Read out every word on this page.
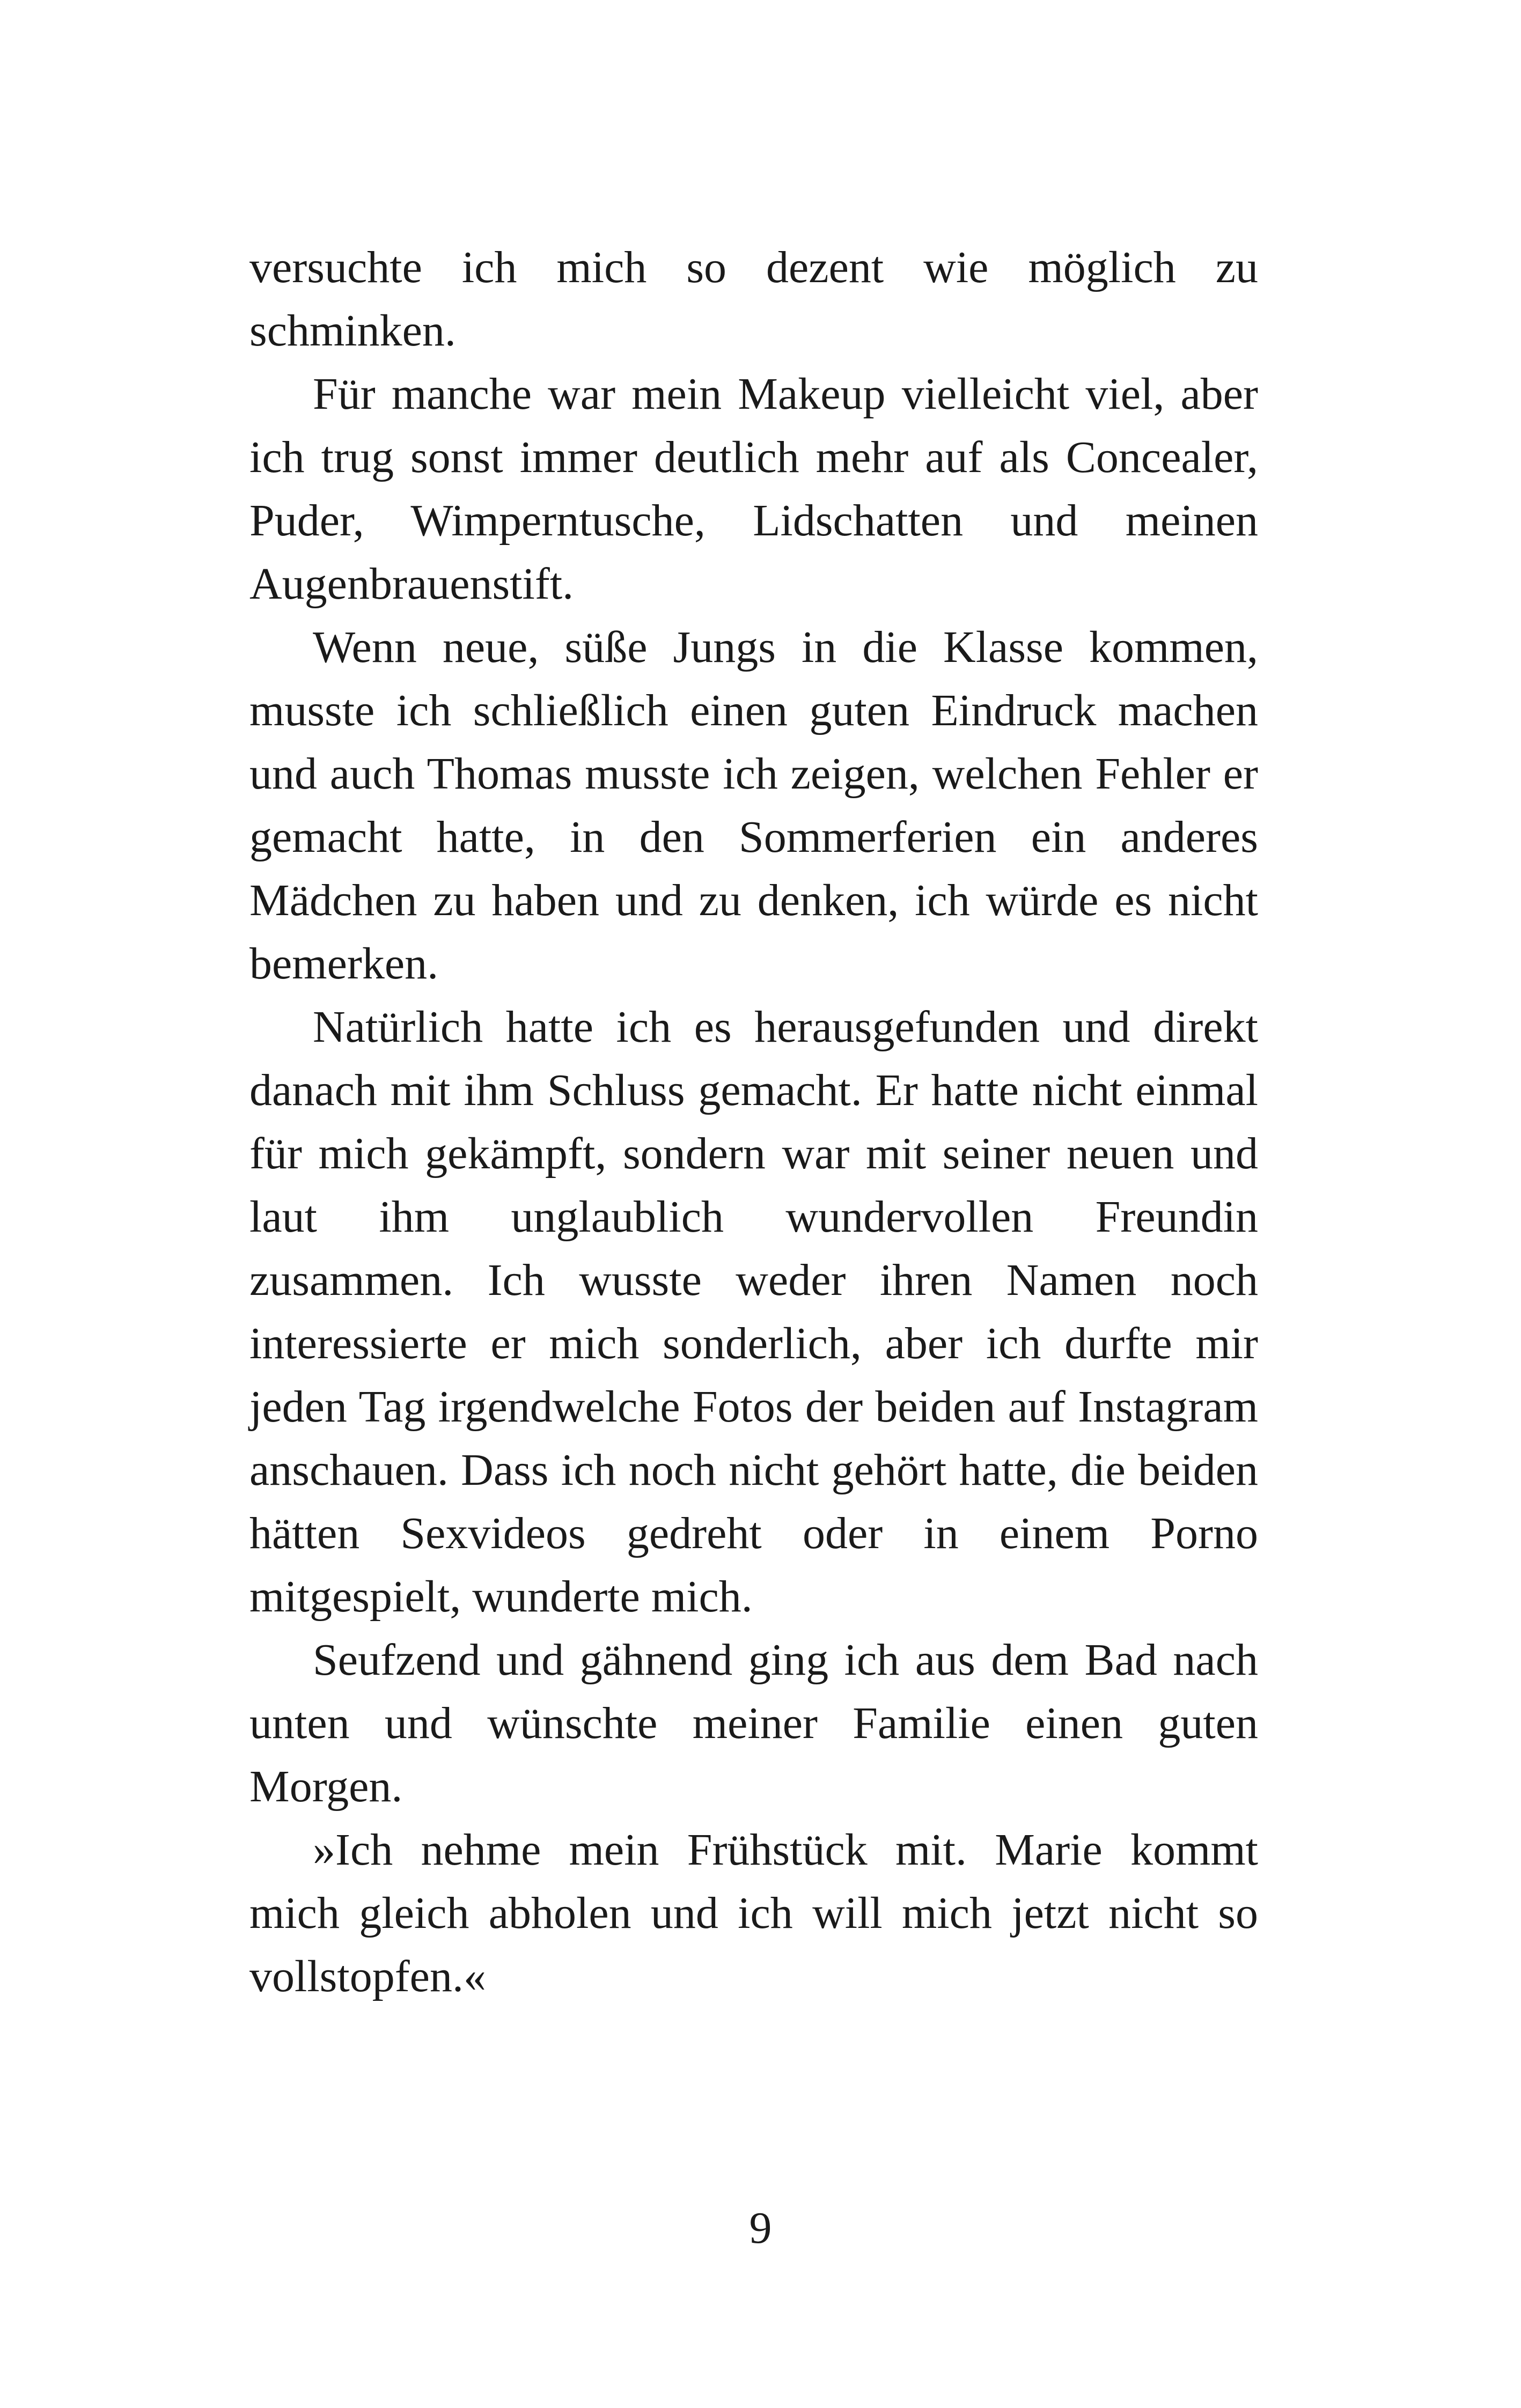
versuchte ich mich so dezent wie möglich zu schminken.

Für manche war mein Makeup vielleicht viel, aber ich trug sonst immer deutlich mehr auf als Concealer, Puder, Wimperntusche, Lidschatten und meinen Augenbrauenstift.

Wenn neue, süße Jungs in die Klasse kommen, musste ich schließlich einen guten Eindruck machen und auch Thomas musste ich zeigen, welchen Fehler er gemacht hatte, in den Sommerferien ein anderes Mädchen zu haben und zu denken, ich würde es nicht bemerken.

Natürlich hatte ich es herausgefunden und direkt danach mit ihm Schluss gemacht. Er hatte nicht einmal für mich gekämpft, sondern war mit seiner neuen und laut ihm unglaublich wundervollen Freundin zusammen. Ich wusste weder ihren Namen noch interessierte er mich sonderlich, aber ich durfte mir jeden Tag irgendwelche Fotos der beiden auf Instagram anschauen. Dass ich noch nicht gehört hatte, die beiden hätten Sexvideos gedreht oder in einem Porno mitgespielt, wunderte mich.

Seufzend und gähnend ging ich aus dem Bad nach unten und wünschte meiner Familie einen guten Morgen.

»Ich nehme mein Frühstück mit. Marie kommt mich gleich abholen und ich will mich jetzt nicht so vollstopfen.«

9
